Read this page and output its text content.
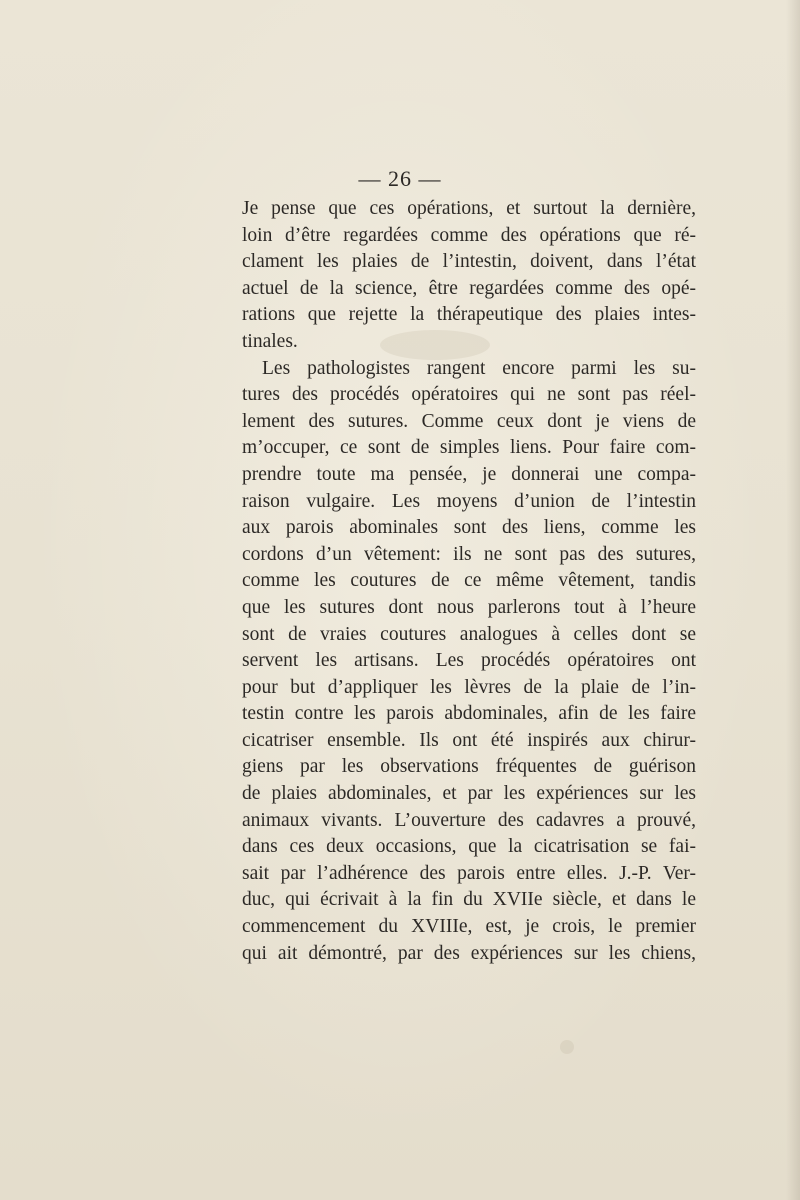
— 26 —
Je pense que ces opérations, et surtout la dernière,
loin d’être regardées comme des opérations que ré-
clament les plaies de l’intestin, doivent, dans l’état
actuel de la science, être regardées comme des opé-
rations que rejette la thérapeutique des plaies intes-
tinales.
Les pathologistes rangent encore parmi les su-
tures des procédés opératoires qui ne sont pas réel-
lement des sutures. Comme ceux dont je viens de
m’occuper, ce sont de simples liens. Pour faire com-
prendre toute ma pensée, je donnerai une compa-
raison vulgaire. Les moyens d’union de l’intestin
aux parois abominales sont des liens, comme les
cordons d’un vêtement: ils ne sont pas des sutures,
comme les coutures de ce même vêtement, tandis
que les sutures dont nous parlerons tout à l’heure
sont de vraies coutures analogues à celles dont se
servent les artisans. Les procédés opératoires ont
pour but d’appliquer les lèvres de la plaie de l’in-
testin contre les parois abdominales, afin de les faire
cicatriser ensemble. Ils ont été inspirés aux chirur-
giens par les observations fréquentes de guérison
de plaies abdominales, et par les expériences sur les
animaux vivants. L’ouverture des cadavres a prouvé,
dans ces deux occasions, que la cicatrisation se fai-
sait par l’adhérence des parois entre elles. J.-P. Ver-
duc, qui écrivait à la fin du XVIIe siècle, et dans le
commencement du XVIIIe, est, je crois, le premier
qui ait démontré, par des expériences sur les chiens,
